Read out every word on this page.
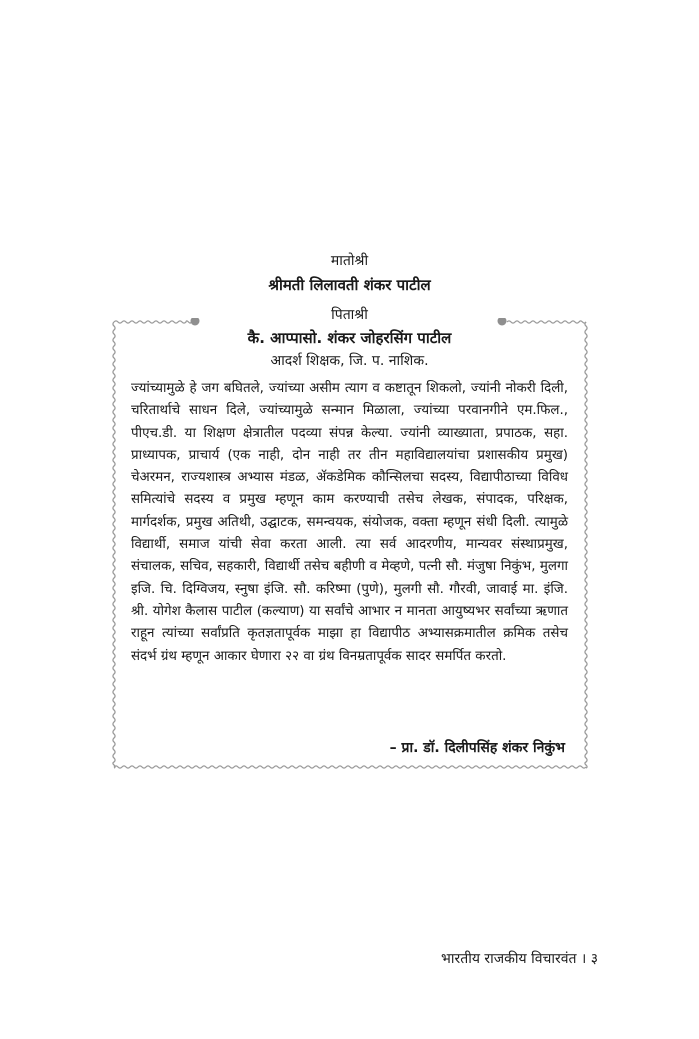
मातोश्री
श्रीमती लिलावती शंकर पाटील
पिताश्री
कै. आप्पासो. शंकर जोहरसिंग पाटील
आदर्श शिक्षक, जि. प. नाशिक.

ज्यांच्यामुळे हे जग बघितले, ज्यांच्या असीम त्याग व कष्टातून शिकलो, ज्यांनी नोकरी दिली, चरितार्थाचे साधन दिले, ज्यांच्यामुळे सन्मान मिळाला, ज्यांच्या परवानगीने एम.फिल., पीएच.डी. या शिक्षण क्षेत्रातील पदव्या संपन्न केल्या. ज्यांनी व्याख्याता, प्रपाठक, सहा. प्राध्यापक, प्राचार्य (एक नाही, दोन नाही तर तीन महाविद्यालयांचा प्रशासकीय प्रमुख) चेअरमन, राज्यशास्त्र अभ्यास मंडळ, ॲकडेमिक कौन्सिलचा सदस्य, विद्यापीठाच्या विविध समित्यांचे सदस्य व प्रमुख म्हणून काम करण्याची तसेच लेखक, संपादक, परिक्षक, मार्गदर्शक, प्रमुख अतिथी, उद्घाटक, समन्वयक, संयोजक, वक्ता म्हणून संधी दिली. त्यामुळे विद्यार्थी, समाज यांची सेवा करता आली. त्या सर्व आदरणीय, मान्यवर संस्थाप्रमुख, संचालक, सचिव, सहकारी, विद्यार्थी तसेच बहीणी व मेव्हणे, पत्नी सौ. मंजुषा निकुंभ, मुलगा इजि. चि. दिग्विजय, स्नुषा इंजि. सौ. करिष्मा (पुणे), मुलगी सौ. गौरवी, जावाई मा. इंजि. श्री. योगेश कैलास पाटील (कल्याण) या सर्वांचे आभार न मानता आयुष्यभर सर्वांच्या ऋणात राहून त्यांच्या सर्वांप्रति कृतज्ञतापूर्वक माझा हा विद्यापीठ अभ्यासक्रमातील क्रमिक तसेच संदर्भ ग्रंथ म्हणून आकार घेणारा २२ वा ग्रंथ विनम्रतापूर्वक सादर समर्पित करतो.

– प्रा. डॉ. दिलीपसिंह शंकर निकुंभ
भारतीय राजकीय विचारवंत । ३
